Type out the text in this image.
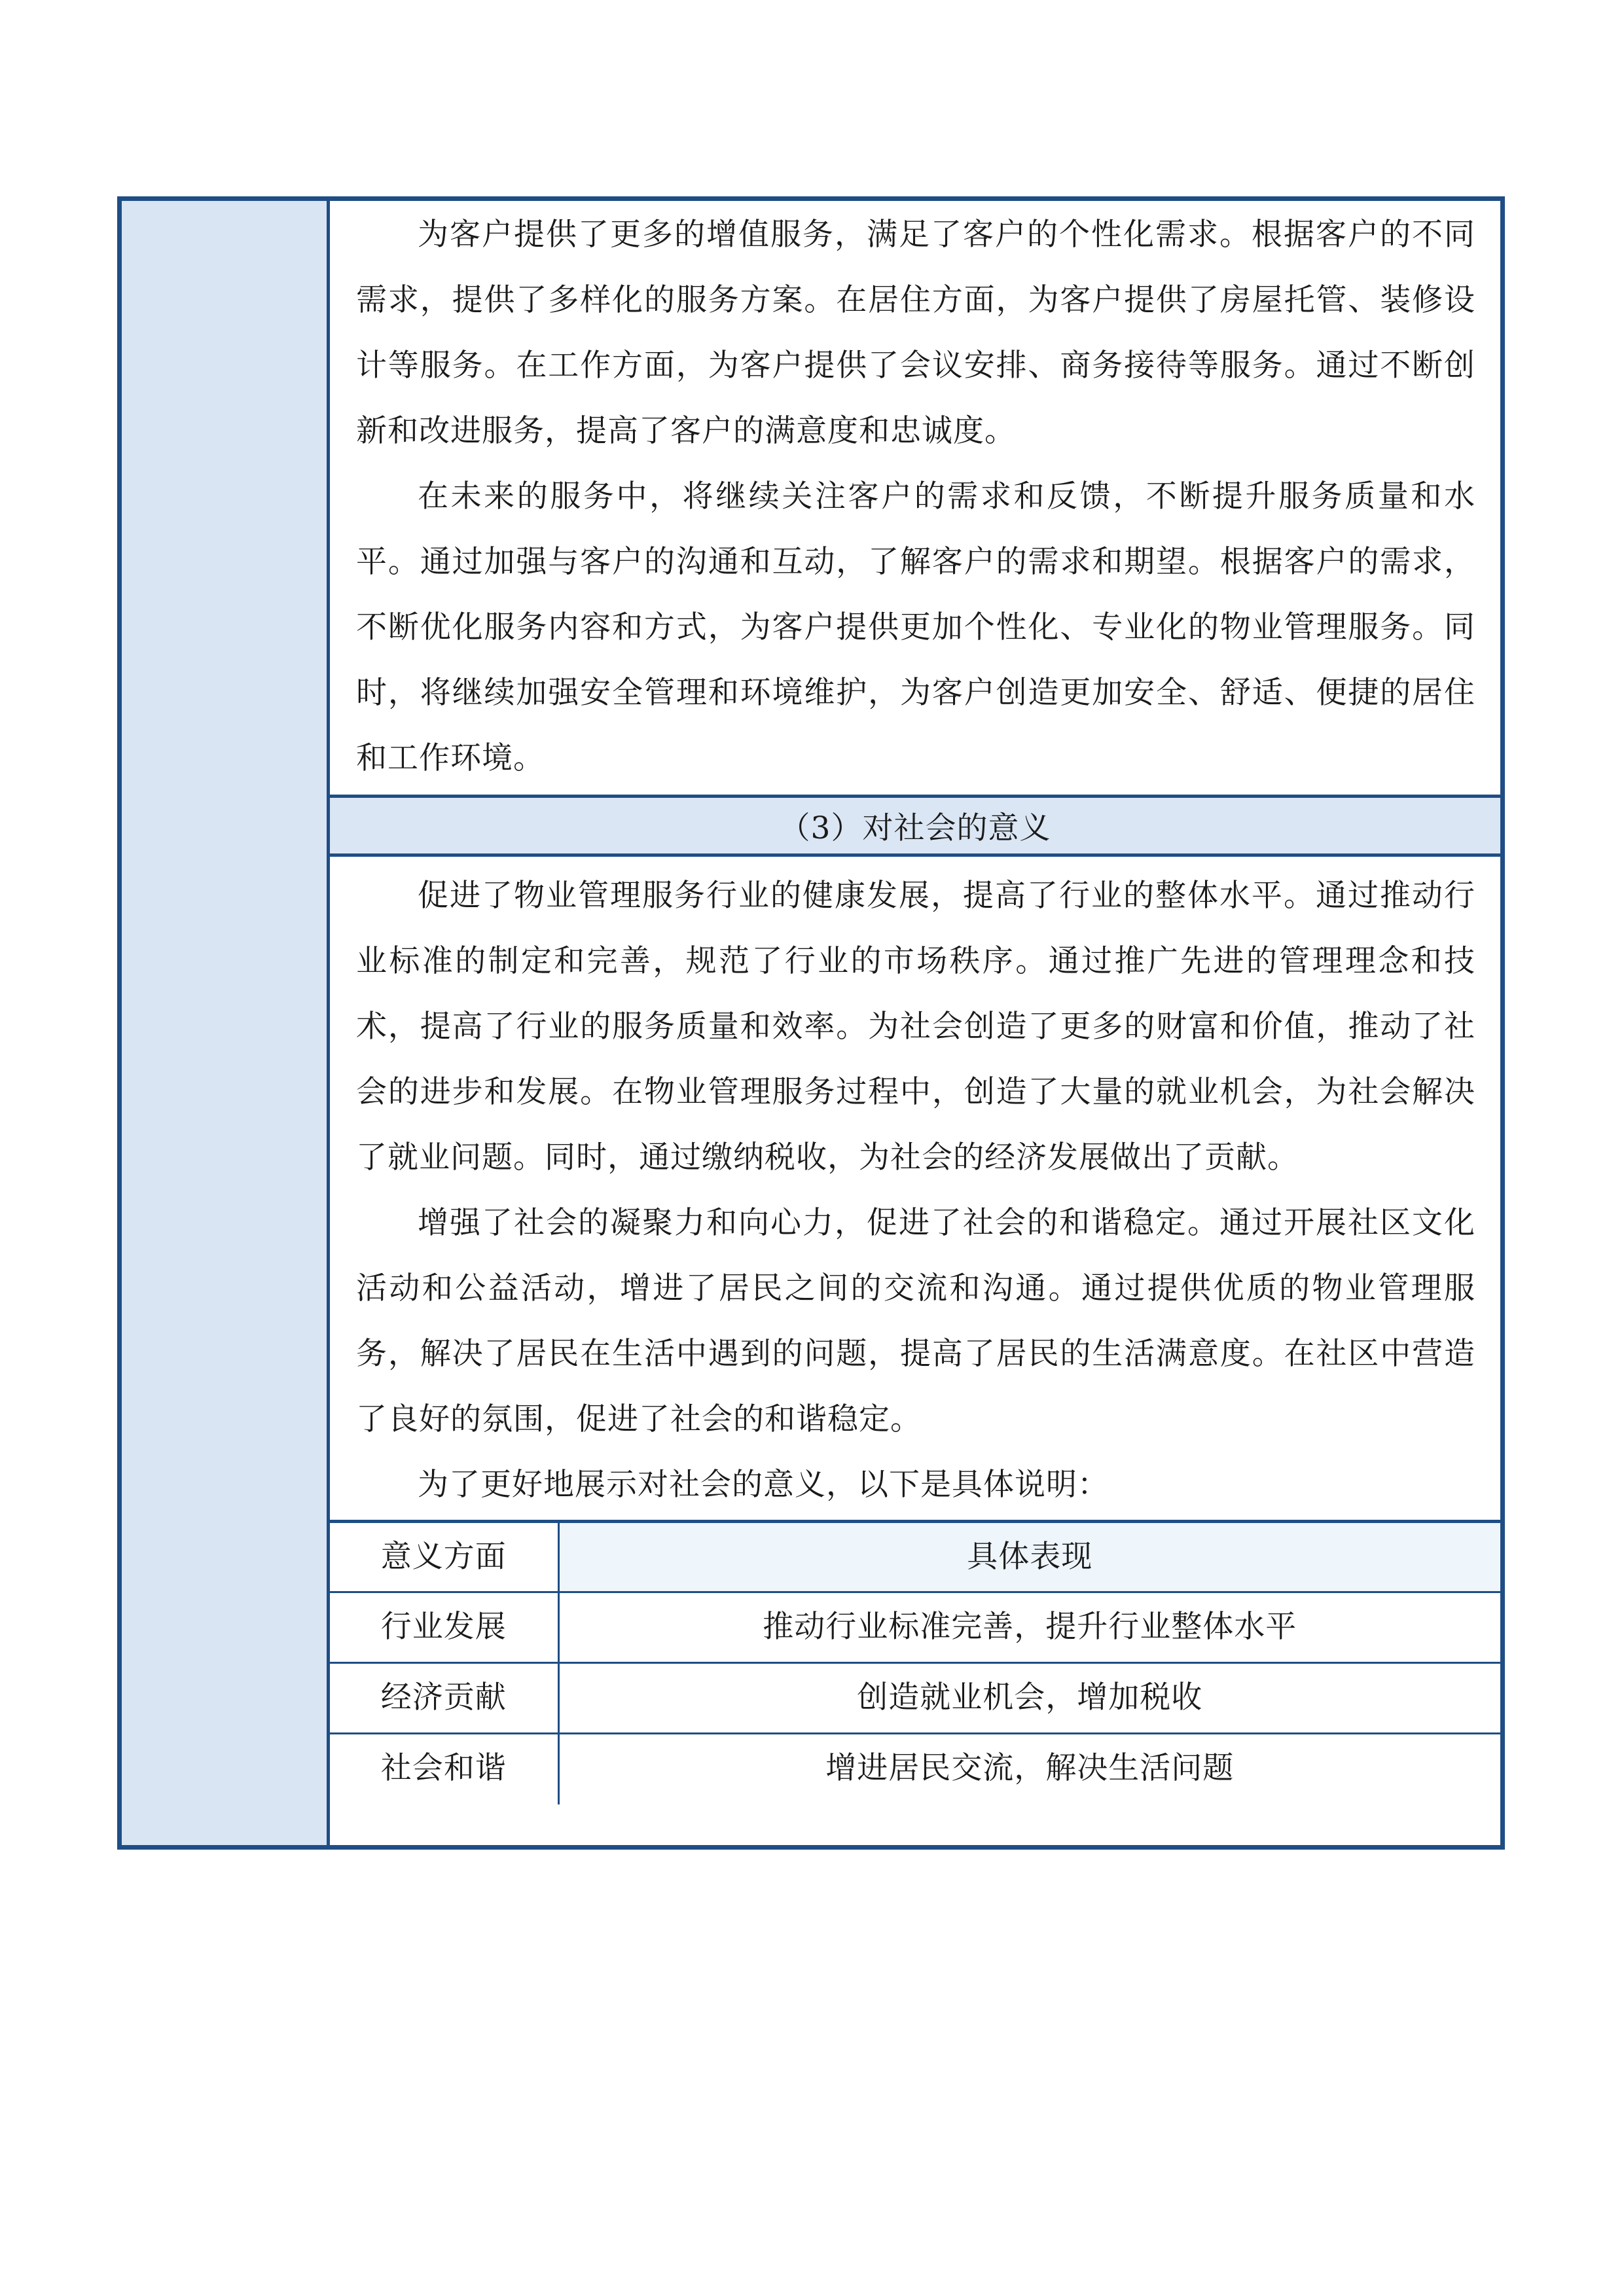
为客户提供了更多的增值服务，满足了客户的个性化需求。根据客户的不同需求，提供了多样化的服务方案。在居住方面，为客户提供了房屋托管、装修设计等服务。在工作方面，为客户提供了会议安排、商务接待等服务。通过不断创新和改进服务，提高了客户的满意度和忠诚度。

在未来的服务中，将继续关注客户的需求和反馈，不断提升服务质量和水平。通过加强与客户的沟通和互动，了解客户的需求和期望。根据客户的需求，不断优化服务内容和方式，为客户提供更加个性化、专业化的物业管理服务。同时，将继续加强安全管理和环境维护，为客户创造更加安全、舒适、便捷的居住和工作环境。

（3）对社会的意义

促进了物业管理服务行业的健康发展，提高了行业的整体水平。通过推动行业标准的制定和完善，规范了行业的市场秩序。通过推广先进的管理理念和技术，提高了行业的服务质量和效率。为社会创造了更多的财富和价值，推动了社会的进步和发展。在物业管理服务过程中，创造了大量的就业机会，为社会解决了就业问题。同时，通过缴纳税收，为社会的经济发展做出了贡献。

增强了社会的凝聚力和向心力，促进了社会的和谐稳定。通过开展社区文化活动和公益活动，增进了居民之间的交流和沟通。通过提供优质的物业管理服务，解决了居民在生活中遇到的问题，提高了居民的生活满意度。在社区中营造了良好的氛围，促进了社会的和谐稳定。

为了更好地展示对社会的意义，以下是具体说明：

意义方面	具体表现
行业发展	推动行业标准完善，提升行业整体水平
经济贡献	创造就业机会，增加税收
社会和谐	增进居民交流，解决生活问题
